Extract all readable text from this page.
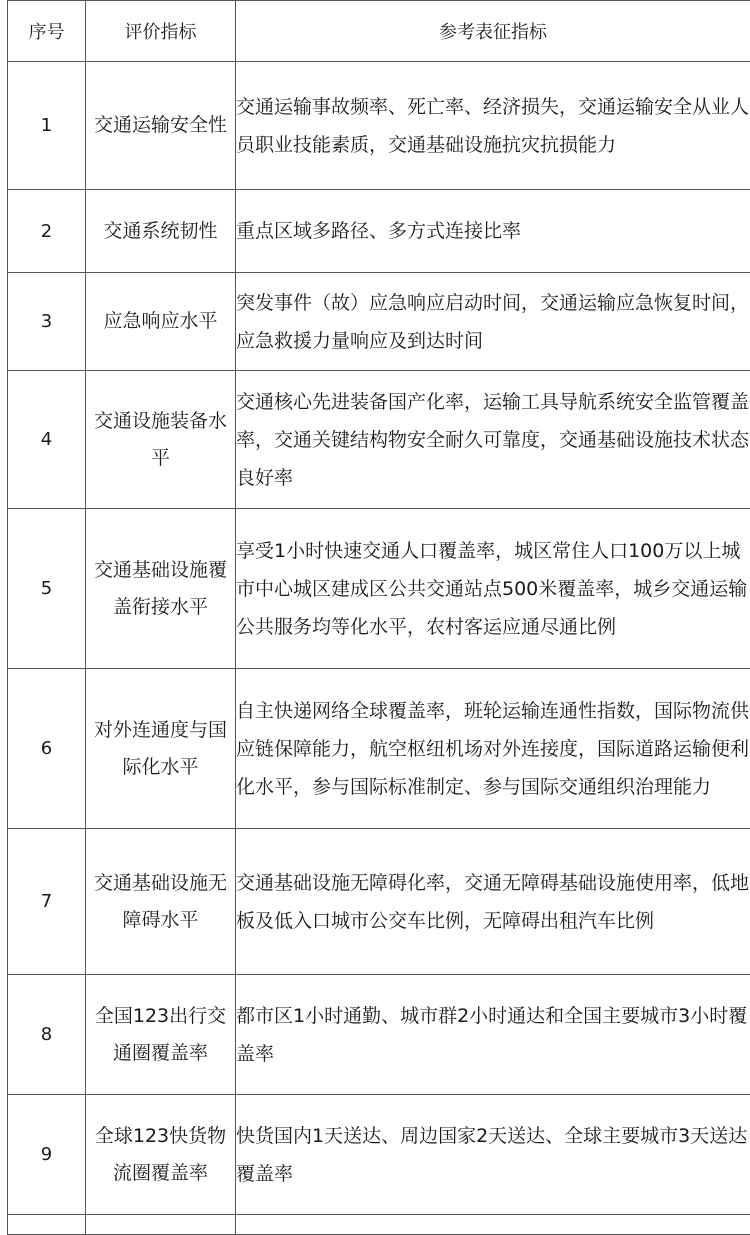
序号	评价指标	参考表征指标
1	交通运输安全性	交通运输事故频率、死亡率、经济损失，交通运输安全从业人员职业技能素质，交通基础设施抗灾抗损能力
2	交通系统韧性	重点区域多路径、多方式连接比率
3	应急响应水平	突发事件（故）应急响应启动时间，交通运输应急恢复时间，应急救援力量响应及到达时间
4	交通设施装备水平	交通核心先进装备国产化率，运输工具导航系统安全监管覆盖率，交通关键结构物安全耐久可靠度，交通基础设施技术状态良好率
5	交通基础设施覆盖衔接水平	享受1小时快速交通人口覆盖率，城区常住人口100万以上城市中心城区建成区公共交通站点500米覆盖率，城乡交通运输公共服务均等化水平，农村客运应通尽通比例
6	对外连通度与国际化水平	自主快递网络全球覆盖率，班轮运输连通性指数，国际物流供应链保障能力，航空枢纽机场对外连接度，国际道路运输便利化水平，参与国际标准制定、参与国际交通组织治理能力
7	交通基础设施无障碍水平	交通基础设施无障碍化率，交通无障碍基础设施使用率，低地板及低入口城市公交车比例，无障碍出租汽车比例
8	全国123出行交通圈覆盖率	都市区1小时通勤、城市群2小时通达和全国主要城市3小时覆盖率
9	全球123快货物流圈覆盖率	快货国内1天送达、周边国家2天送达、全球主要城市3天送达覆盖率
